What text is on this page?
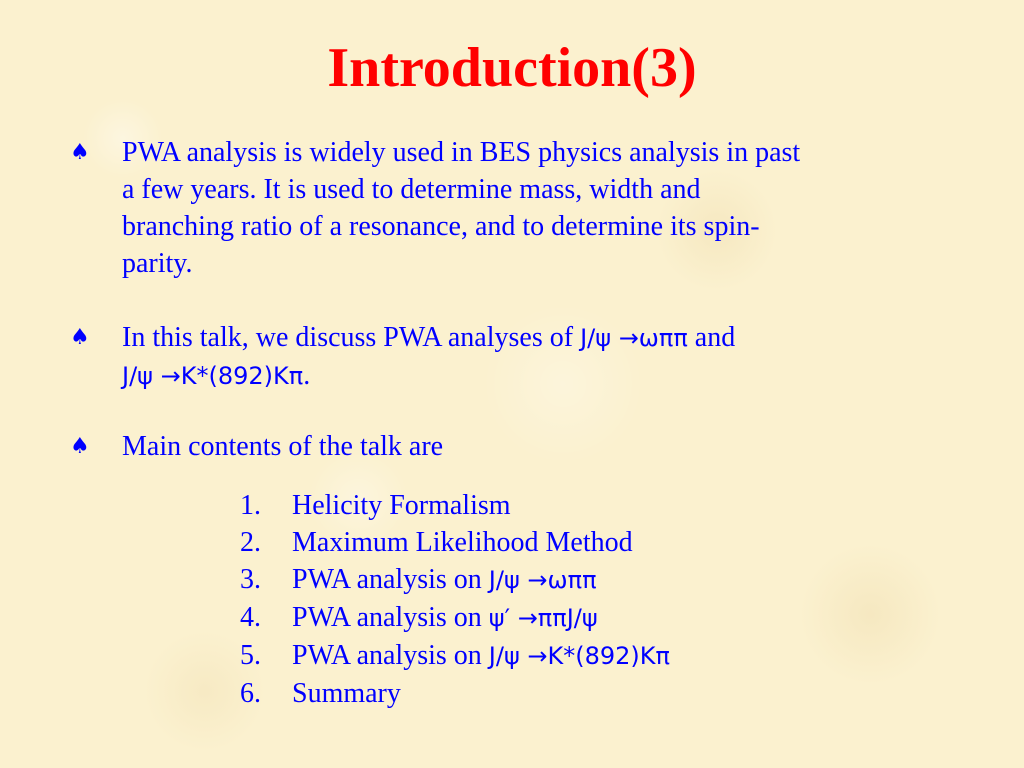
Introduction(3)
♠ PWA analysis is widely used in BES physics analysis in past
a few years. It is used to determine mass, width and
branching ratio of a resonance, and to determine its spin-
parity.
♠ In this talk, we discuss PWA analyses of J/ψ →ωππ and
J/ψ →K*(892)Kπ.
♠ Main contents of the talk are
1. Helicity Formalism
2. Maximum Likelihood Method
3. PWA analysis on J/ψ →ωππ
4. PWA analysis on ψ′ →ππJ/ψ
5. PWA analysis on J/ψ →K*(892)Kπ
6. Summary
